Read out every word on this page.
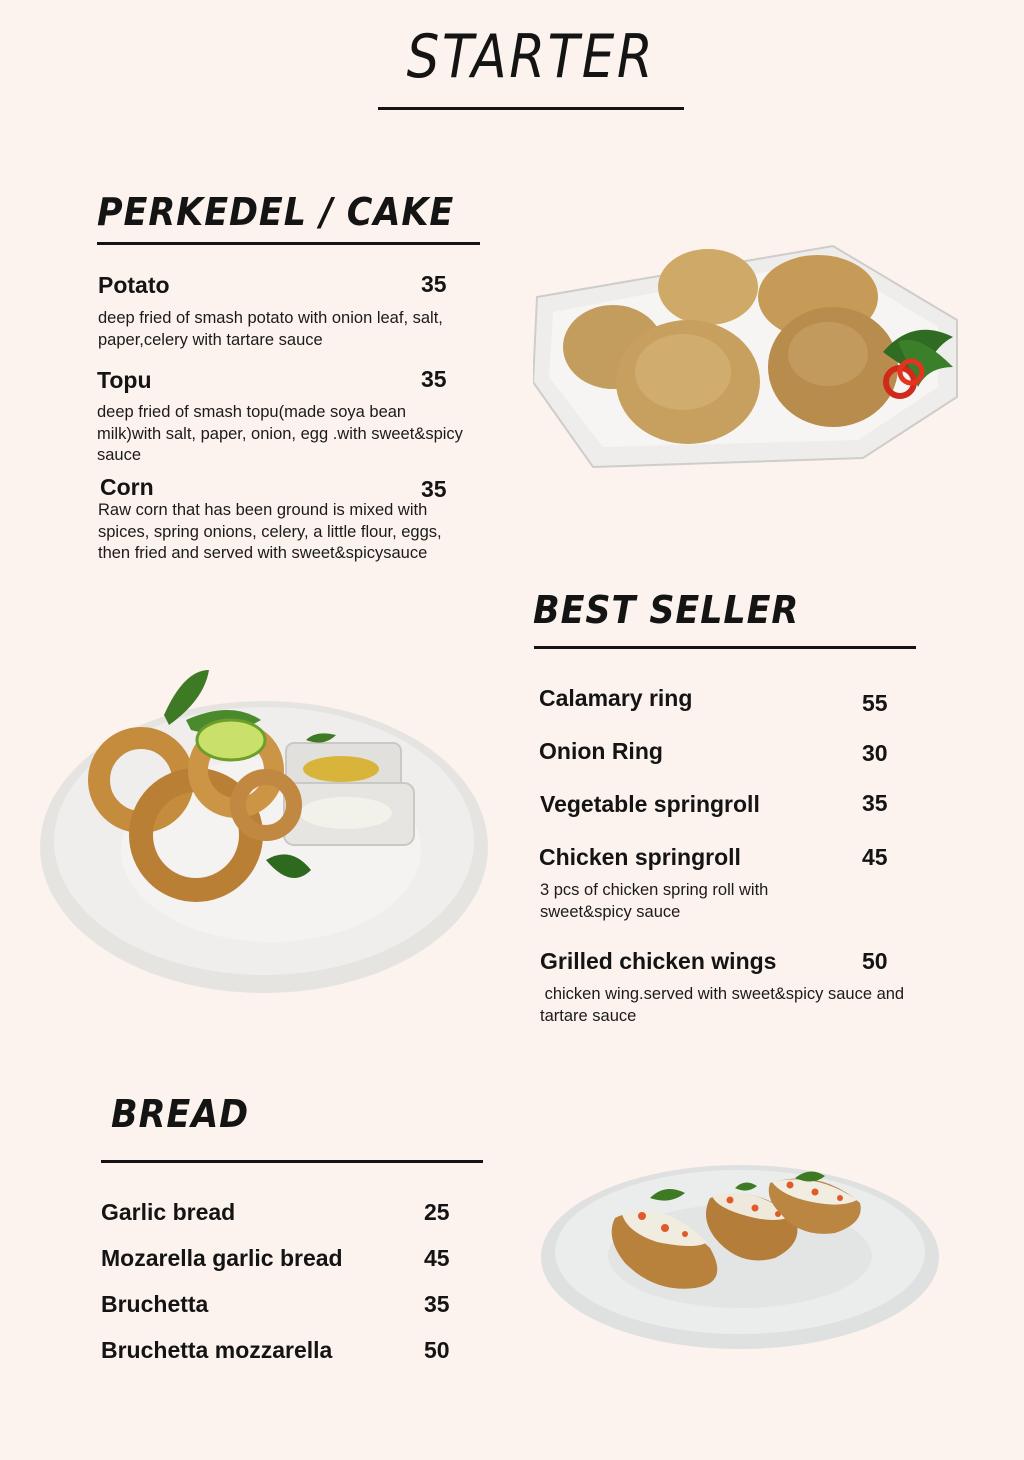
STARTER
PERKEDEL / CAKE
Potato	35
deep fried of smash potato with onion leaf, salt, paper,celery with tartare sauce
Topu	35
deep fried of smash topu(made soya bean milk)with salt, paper, onion, egg .with sweet&spicy sauce
Corn	35
Raw corn that has been ground is mixed with spices, spring onions, celery, a little flour, eggs, then fried and served with sweet&spicysauce
BEST SELLER
Calamary ring	55
Onion Ring	30
Vegetable springroll	35
Chicken springroll	45
3 pcs of chicken spring roll with sweet&spicy sauce
Grilled chicken wings	50
chicken wing.served with sweet&spicy sauce and tartare sauce
BREAD
Garlic bread	25
Mozarella garlic bread	45
Bruchetta	35
Bruchetta mozzarella	50
